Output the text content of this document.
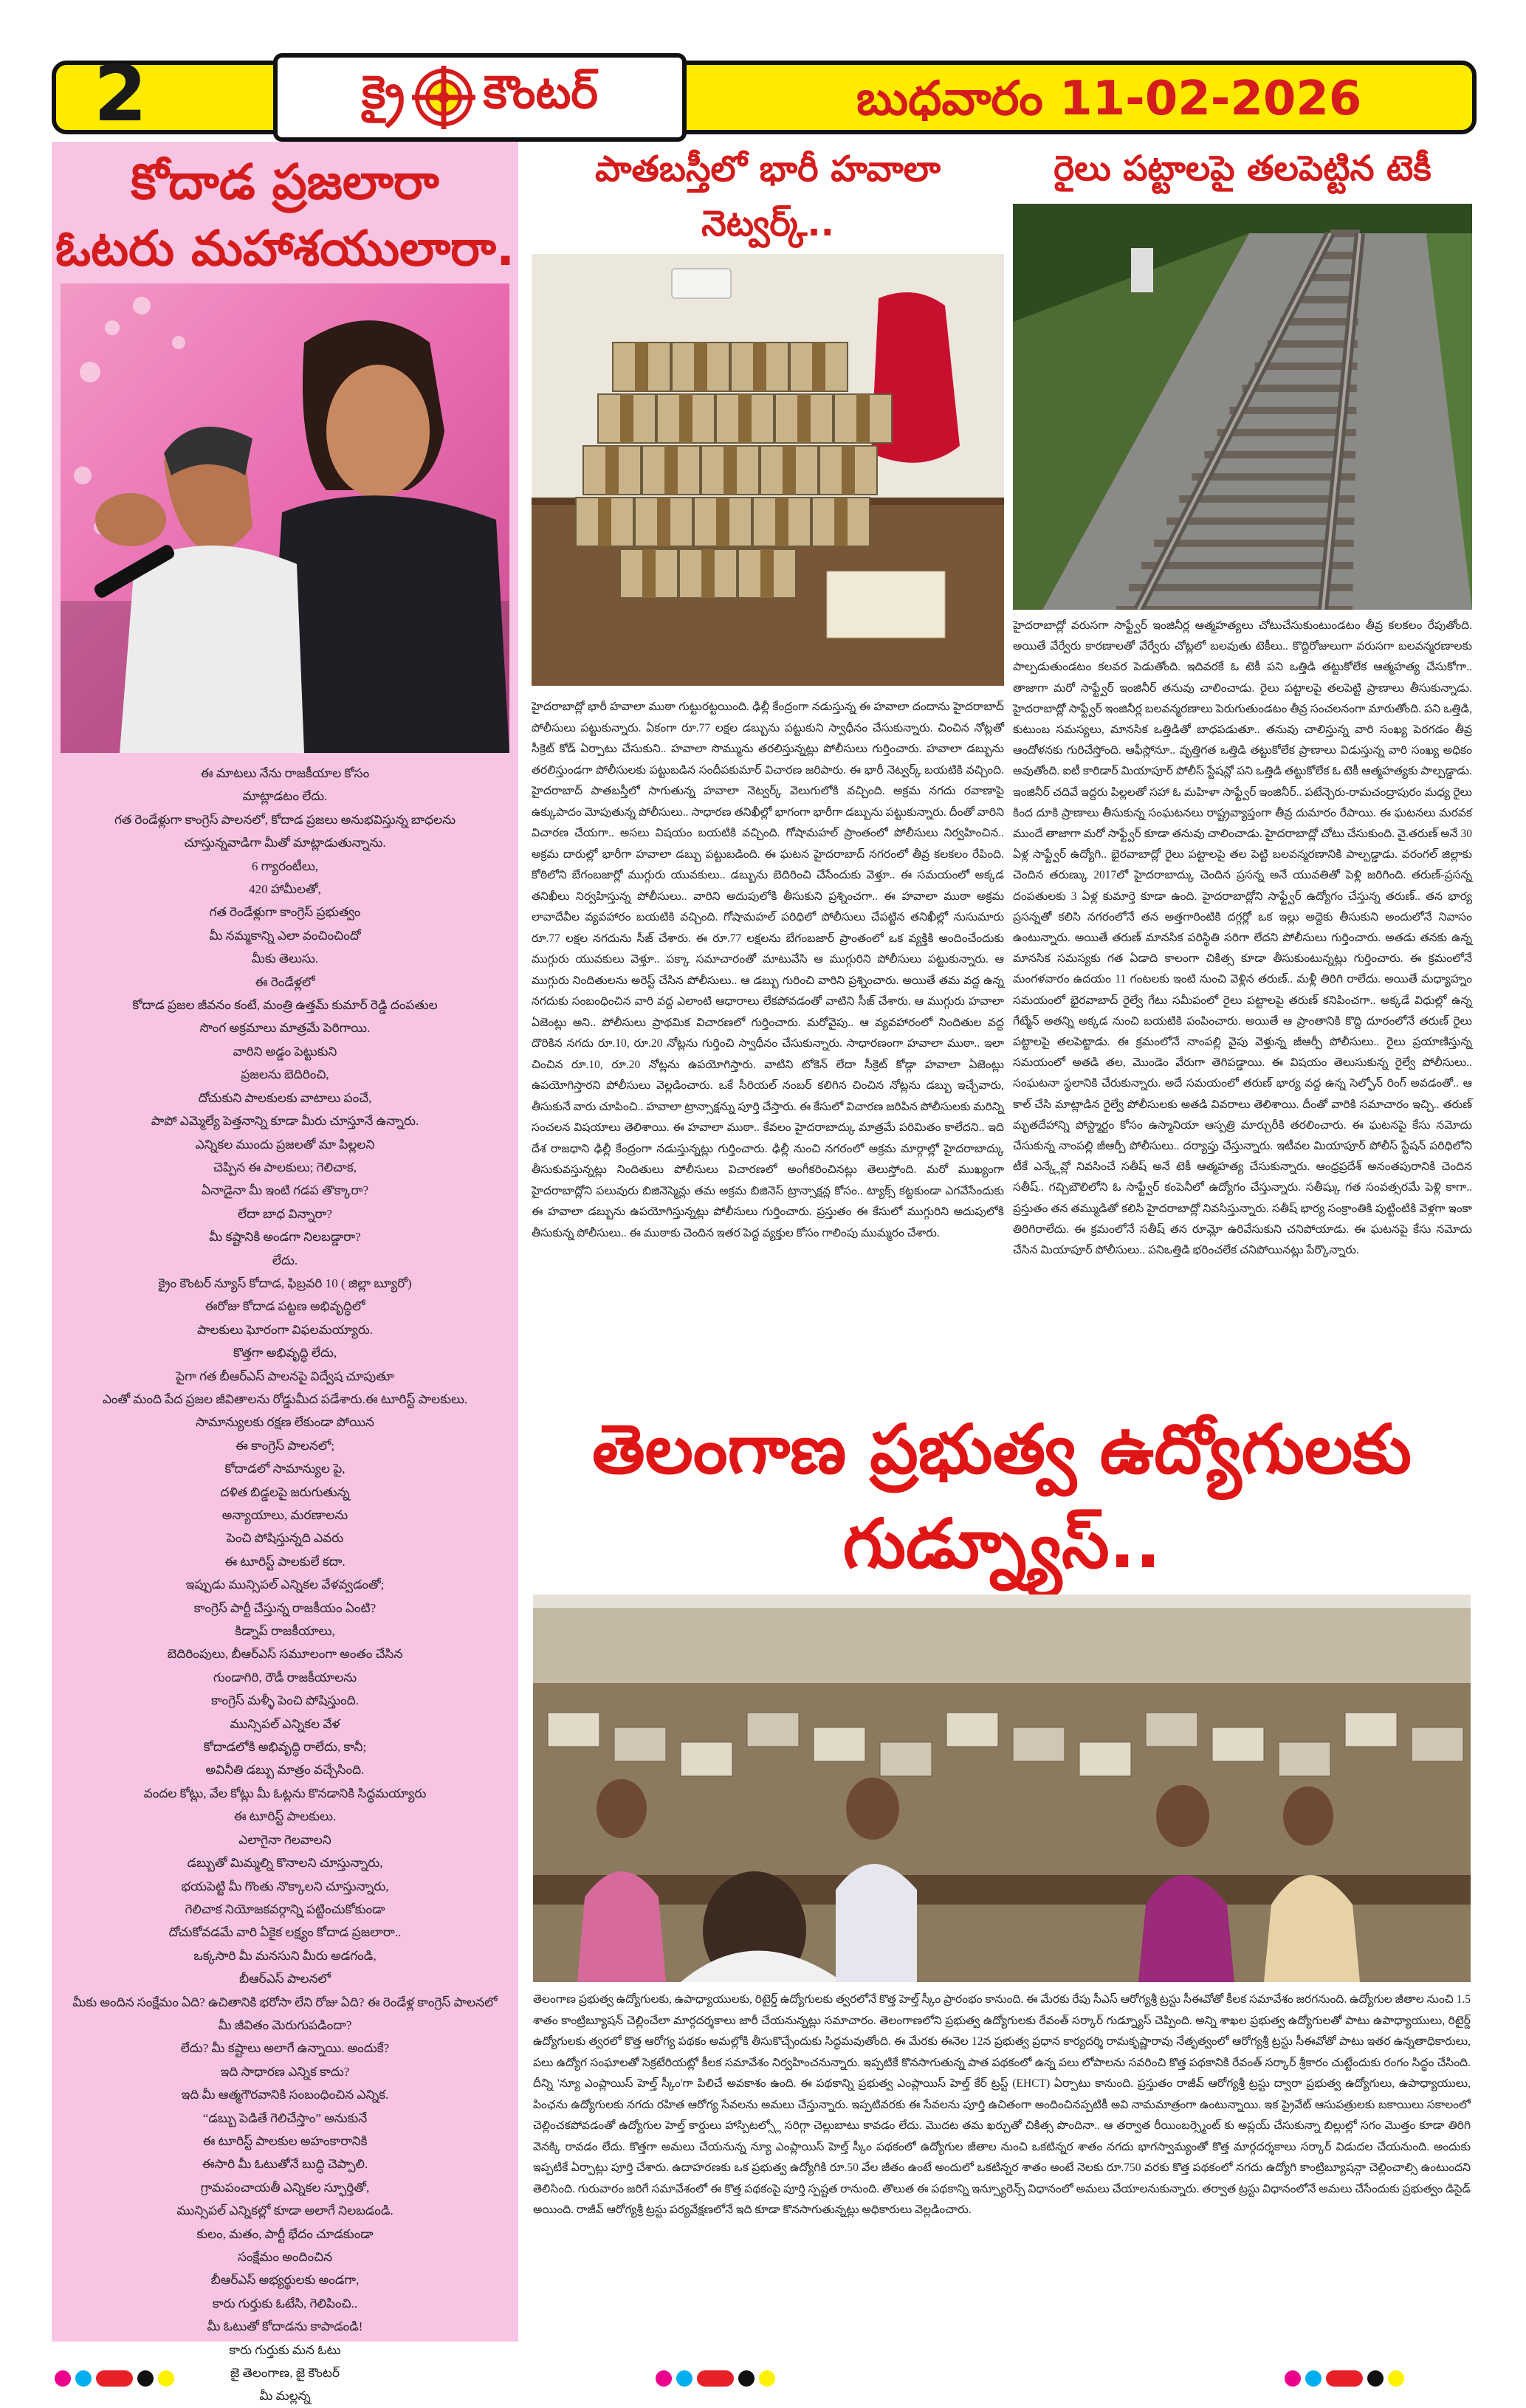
2	క్రై కౌంటర్	బుధవారం 11-02-2026
కోదాడ ప్రజలారా
ఓటరు మహాశయులారా.

ఈ మాటలు నేను రాజకీయాల కోసం

మాట్లాడటం లేదు.

గత రెండేళ్లుగా కాంగ్రెస్ పాలనలో, కోదాడ ప్రజలు అనుభవిస్తున్న బాధలను

చూస్తున్నవాడిగా మీతో మాట్లాడుతున్నాను.

6 గ్యారంటీలు,

420 హామీలతో,

గత రెండేళ్లుగా కాంగ్రెస్ ప్రభుత్వం

మీ నమ్మకాన్ని ఎలా వంచించిందో

మీకు తెలుసు.

ఈ రెండేళ్లలో

కోదాడ ప్రజల జీవనం కంటే, మంత్రి ఉత్తమ్ కుమార్ రెడ్డి దంపతుల

సొంగ అక్రమాలు మాత్రమే పెరిగాయి.

వారిని అడ్డం పెట్టుకుని

ప్రజలను బెదిరించి,

దోచుకుని పాలకులకు వాటాలు పంచే,

పాపో ఎమ్మెల్యే పెత్తనాన్ని కూడా మీరు చూస్తూనే ఉన్నారు.

ఎన్నికల ముందు ప్రజలతో మా పిల్లలని

చెప్పిన ఈ పాలకులు; గెలిచాక,

ఏనాడైనా మీ ఇంటి గడప తొక్కారా?

లేదా బాధ విన్నారా?

మీ కష్టానికి అండగా నిలబడ్డారా?

లేదు.

క్రైం కౌంటర్ న్యూస్ కోదాడ, ఫిబ్రవరి 10 ( జిల్లా బ్యూరో)

ఈరోజు కోదాడ పట్టణ అభివృద్ధిలో

పాలకులు ఘోరంగా విఫలమయ్యారు.

కొత్తగా అభివృద్ధి లేదు,

పైగా గత బీఆర్ఎస్ పాలనపై విద్వేష చూపుతూ

ఎంతో మంది పేద ప్రజల జీవితాలను రోడ్డుమీద పడేశారు.ఈ టూరిస్ట్ పాలకులు.

సామాన్యులకు రక్షణ లేకుండా పోయిన

ఈ కాంగ్రెస్ పాలనలో;

కోదాడలో సామాన్యుల పై,

దళిత బిడ్డలపై జరుగుతున్న

అన్యాయాలు, మరణాలను

పెంచి పోషిస్తున్నది ఎవరు

ఈ టూరిస్ట్ పాలకులే కదా.

ఇప్పుడు మున్సిపల్ ఎన్నికల వేళవ్వడంతో;

కాంగ్రెస్ పార్టీ చేస్తున్న రాజకీయం ఏంటి?

కిడ్నాప్ రాజకీయాలు,

బెదిరింపులు, బీఆర్ఎస్ సమూలంగా అంతం చేసిన

గుండాగిరి, రౌడీ రాజకీయాలను

కాంగ్రెస్ మళ్ళీ పెంచి పోషిస్తుంది.

మున్సిపల్ ఎన్నికల వేళ

కోదాడలోకి అభివృద్ధి రాలేదు, కానీ;

అవినీతి డబ్బు మాత్రం వచ్చేసింది.

వందల కోట్లు, వేల కోట్లు మీ ఓట్లను కొనడానికి సిద్ధమయ్యారు

ఈ టూరిస్ట్ పాలకులు.

ఎలాగైనా గెలవాలని

డబ్బుతో మిమ్మల్ని కొనాలని చూస్తున్నారు,

భయపెట్టి మీ గొంతు నొక్కాలని చూస్తున్నారు,

గెలిచాక నియోజకవర్గాన్ని పట్టించుకోకుండా

దోచుకోవడమే వారి ఏకైక లక్ష్యం కోదాడ ప్రజలారా..

ఒక్కసారి మీ మనసుని మీరు అడగండి,

బీఆర్ఎస్ పాలనలో

మీకు అందిన సంక్షేమం ఏది? ఉచితానికి భరోసా లేని రోజు ఏది? ఈ రెండేళ్ల కాంగ్రెస్ పాలనలో

మీ జీవితం మెరుగుపడిందా?

లేదు? మీ కష్టాలు అలాగే ఉన్నాయి. అందుకే?

ఇది సాధారణ ఎన్నిక కాదు?

ఇది మీ ఆత్మగౌరవానికి సంబంధించిన ఎన్నిక.

“డబ్బు పెడితే గెలిచేస్తాం” అనుకునే

ఈ టూరిస్ట్ పాలకుల అహంకారానికి

ఈసారి మీ ఓటుతోనే బుద్ధి చెప్పాలి.

గ్రామపంచాయతీ ఎన్నికల స్ఫూర్తితో,

మున్సిపల్ ఎన్నికల్లో కూడా అలాగే నిలబడండి.

కులం, మతం, పార్టీ భేదం చూడకుండా

సంక్షేమం అందించిన

బీఆర్ఎస్ అభ్యర్థులకు అండగా,

కారు గుర్తుకు ఓటేసి, గెలిపించి..

మీ ఓటుతో కోదాడను కాపాడండి!

కారు గుర్తుకు మన ఓటు

జై తెలంగాణ, జై కౌంటర్

మీ మల్లన్న

పాతబస్తీలో భారీ హవాలా
నెట్వర్క్..
హైదరాబాద్లో భారీ హవాలా ముఠా గుట్టురట్టయింది. ఢిల్లీ కేంద్రంగా నడుస్తున్న ఈ హవాలా దందాను హైదరాబాద్ పోలీసులు పట్టుకున్నారు. ఏకంగా రూ.77 లక్షల డబ్బును పట్టుకుని స్వాధీనం చేసుకున్నారు. చించిన నోట్లతో సీక్రెట్ కోడ్ ఏర్పాటు చేసుకుని.. హవాలా సొమ్మును తరలిస్తున్నట్లు పోలీసులు గుర్తించారు. హవాలా డబ్బును తరలిస్తుండగా పోలీసులకు పట్టుబడిన సందీపకుమార్ విచారణ జరిపారు. ఈ భారీ నెట్వర్క్ బయటికి వచ్చింది. హైదరాబాద్ పాతబస్తీలో సాగుతున్న హవాలా నెట్వర్క్ వెలుగులోకి వచ్చింది. అక్రమ నగదు రవాణాపై ఉక్కుపాదం మోపుతున్న పోలీసులు.. సాధారణ తనిఖీల్లో భాగంగా భారీగా డబ్బును పట్టుకున్నారు. దీంతో వారిని విచారణ చేయగా.. అసలు విషయం బయటికి వచ్చింది. గోషామహల్ ప్రాంతంలో పోలీసులు నిర్వహించిన.. అక్రమ దారుల్లో భారీగా హవాలా డబ్బు పట్టుబడింది. ఈ ఘటన హైదరాబాద్ నగరంలో తీవ్ర కలకలం రేపింది. కోఠిలోని బేగంబజార్లో ముగ్గురు యువకులు.. డబ్బును బెదిరించి చేసేందుకు వెళ్తూ.. ఈ సమయంలో అక్కడ తనిఖీలు నిర్వహిస్తున్న పోలీసులు.. వారిని అదుపులోకి తీసుకుని ప్రశ్నించగా.. ఈ హవాలా ముఠా అక్రమ లావాదేవీల వ్యవహారం బయటికి వచ్చింది. గోషామహల్ పరిధిలో పోలీసులు చేపట్టిన తనిఖీల్లో నుసుమారు రూ.77 లక్షల నగదును సీజ్ చేశారు. ఈ రూ.77 లక్షలను బేగంబజార్ ప్రాంతంలో ఒక వ్యక్తికి అందించేందుకు ముగ్గురు యువకులు వెళ్తూ.. పక్కా సమాచారంతో మాటువేసి ఆ ముగ్గురిని పోలీసులు పట్టుకున్నారు. ఆ ముగ్గురు నిందితులను అరెస్ట్ చేసిన పోలీసులు.. ఆ డబ్బు గురించి వారిని ప్రశ్నించారు. అయితే తమ వద్ద ఉన్న నగదుకు సంబంధించిన వారి వద్ద ఎలాంటి ఆధారాలు లేకపోవడంతో వాటిని సీజ్ చేశారు. ఆ ముగ్గురు హవాలా ఏజెంట్లు అని.. పోలీసులు ప్రాథమిక విచారణలో గుర్తించారు. మరోవైపు.. ఆ వ్యవహారంలో నిందితుల వద్ద దొరికిన నగదు రూ.10, రూ.20 నోట్లను గుర్తించి స్వాధీనం చేసుకున్నారు. సాధారణంగా హవాలా ముఠా.. ఇలా చించిన రూ.10, రూ.20 నోట్లను ఉపయోగిస్తారు. వాటిని టోకెన్ లేదా సీక్రెట్ కోడ్గా హవాలా ఏజెంట్లు ఉపయోగిస్తారని పోలీసులు వెల్లడించారు. ఒకే సీరియల్ నంబర్ కలిగిన చించిన నోట్లను డబ్బు ఇచ్చేవారు, తీసుకునే వారు చూపించి.. హవాలా ట్రాన్సాక్షన్ను పూర్తి చేస్తారు. ఈ కేసులో విచారణ జరిపిన పోలీసులకు మరిన్ని సంచలన విషయాలు తెలిశాయి. ఈ హవాలా ముఠా.. కేవలం హైదరాబాద్కు మాత్రమే పరిమితం కాలేదని.. ఇది దేశ రాజధాని ఢిల్లీ కేంద్రంగా నడుస్తున్నట్లు గుర్తించారు. ఢిల్లీ నుంచి నగరంలో అక్రమ మార్గాల్లో హైదరాబాద్కు తీసుకువస్తున్నట్లు నిందితులు పోలీసులు విచారణలో అంగీకరించినట్లు తెలుస్తోంది. మరో ముఖ్యంగా హైదరాబాద్లోని పలువురు బిజినెస్మెన్లు తమ అక్రమ బిజినెస్ ట్రాన్సాక్షన్ల కోసం.. ట్యాక్స్ కట్టకుండా ఎగవేసేందుకు ఈ హవాలా డబ్బును ఉపయోగిస్తున్నట్లు పోలీసులు గుర్తించారు. ప్రస్తుతం ఈ కేసులో ముగ్గురిని అదుపులోకి తీసుకున్న పోలీసులు.. ఈ ముఠాకు చెందిన ఇతర పెద్ద వ్యక్తుల కోసం గాలింపు ముమ్మరం చేశారు.
రైలు పట్టాలపై తలపెట్టిన టెకీ
హైదరాబాద్లో వరుసగా సాఫ్ట్వేర్ ఇంజినీర్ల ఆత్మహత్యలు చోటుచేసుకుంటుండటం తీవ్ర కలకలం రేపుతోంది. అయితే వేర్వేరు కారణాలతో వేర్వేరు చోట్లలో బలవుతు టెకీలు.. కొద్దిరోజులుగా వరుసగా బలవన్మరణాలకు పాల్పడుతుండటం కలవర పెడుతోంది. ఇదివరకే ఓ టెకీ పని ఒత్తిడి తట్టుకోలేక ఆత్మహత్య చేసుకోగా.. తాజాగా మరో సాఫ్ట్వేర్ ఇంజినీర్ తనువు చాలించాడు. రైలు పట్టాలపై తలపెట్టి ప్రాణాలు తీసుకున్నాడు. హైదరాబాద్లో సాఫ్ట్వేర్ ఇంజినీర్ల బలవన్మరణాలు పెరుగుతుండటం తీవ్ర సంచలనంగా మారుతోంది. పని ఒత్తిడి, కుటుంబ సమస్యలు, మానసిక ఒత్తిడితో బాధపడుతూ.. తనువు చాలిస్తున్న వారి సంఖ్య పెరగడం తీవ్ర ఆందోళనకు గురిచేస్తోంది. ఆఫీస్లోనూ.. వృత్తిగత ఒత్తిడి తట్టుకోలేక ప్రాణాలు విడుస్తున్న వారి సంఖ్య అధికం అవుతోంది. ఐటీ కారిడార్ మియాపూర్ పోలీస్ స్టేషన్లో పని ఒత్తిడి తట్టుకోలేక ఓ టెకీ ఆత్మహత్యకు పాల్పడ్డాడు. ఇంజినీర్ చదివే ఇద్దరు పిల్లలతో సహా ఓ మహిళా సాఫ్ట్వేర్ ఇంజినీర్.. పటేన్చెరు-రామచంద్రాపురం మధ్య రైలు కింద దూకి ప్రాణాలు తీసుకున్న సంఘటనలు రాష్ట్రవ్యాప్తంగా తీవ్ర దుమారం రేపాయి. ఈ ఘటనలు మరవక ముందే తాజాగా మరో సాఫ్ట్వేర్ కూడా తనువు చాలించాడు. హైదరాబాద్లో చోటు చేసుకుంది. వై.తరుణ్ అనే 30 ఏళ్ల సాఫ్ట్వేర్ ఉద్యోగి.. భైరవాబాద్లో రైలు పట్టాలపై తల పెట్టి బలవన్మరణానికి పాల్పడ్డాడు. వరంగల్ జిల్లాకు చెందిన తరుణ్కు 2017లో హైదరాబాద్కు చెందిన ప్రసన్న అనే యువతితో పెళ్లి జరిగింది. తరుణ్-ప్రసన్న దంపతులకు 3 ఏళ్ల కుమార్తె కూడా ఉంది. హైదరాబాద్లోని సాఫ్ట్వేర్ ఉద్యోగం చేస్తున్న తరుణ్.. తన భార్య ప్రసన్నతో కలిసి నగరంలోనే తన అత్తగారింటికి దగ్గర్లో ఒక ఇల్లు అద్దెకు తీసుకుని అందులోనే నివాసం ఉంటున్నారు. అయితే తరుణ్ మానసిక పరిస్థితి సరిగా లేదని పోలీసులు గుర్తించారు. అతడు తనకు ఉన్న మానసిక సమస్యకు గత ఏడాది కాలంగా చికిత్స కూడా తీసుకుంటున్నట్లు గుర్తించారు. ఈ క్రమంలోనే మంగళవారం ఉదయం 11 గంటలకు ఇంటి నుంచి వెళ్లిన తరుణ్.. మళ్లీ తిరిగి రాలేదు. అయితే మధ్యాహ్నం సమయంలో భైరవాబాద్ రైల్వే గేటు సమీపంలో రైలు పట్టాలపై తరుణ్ కనిపించగా.. అక్కడే విధుల్లో ఉన్న గేట్మేన్ అతన్ని అక్కడ నుంచి బయటికి పంపించారు. అయితే ఆ ప్రాంతానికి కొద్ది దూరంలోనే తరుణ్ రైలు పట్టాలపై తలపెట్టాడు. ఈ క్రమంలోనే నాంపల్లి వైపు వెళ్తున్న జీఆర్పీ పోలీసులు.. రైలు ప్రయాణిస్తున్న సమయంలో అతడి తల, మొండెం వేరుగా తెగిపడ్డాయి. ఈ విషయం తెలుసుకున్న రైల్వే పోలీసులు.. సంఘటనా స్థలానికి చేరుకున్నారు. అదే సమయంలో తరుణ్ భార్య వద్ద ఉన్న సెల్ఫోన్ రింగ్ అవడంతో.. ఆ కాల్ చేసి మాట్లాడిన రైల్వే పోలీసులకు అతడి వివరాలు తెలిశాయి. దీంతో వారికి సమాచారం ఇచ్చి.. తరుణ్ మృతదేహాన్ని పోస్ట్మార్టం కోసం ఉస్మానియా ఆస్పత్రి మార్చురీకి తరలించారు. ఈ ఘటనపై కేసు నమోదు చేసుకున్న నాంపల్లి జీఆర్పీ పోలీసులు.. దర్యాప్తు చేస్తున్నారు. ఇటీవల మియాపూర్ పోలీస్ స్టేషన్ పరిధిలోని టీకే ఎన్క్లేవ్లో నివసించే సతీష్ అనే టెకీ ఆత్మహత్య చేసుకున్నారు. ఆంధ్రప్రదేశ్ అనంతపురానికి చెందిన సతీష్.. గచ్చిబౌలిలోని ఓ సాఫ్ట్వేర్ కంపెనీలో ఉద్యోగం చేస్తున్నారు. సతీష్కు గత సంవత్సరమే పెళ్లి కాగా.. ప్రస్తుతం తన తమ్ముడితో కలిసి హైదరాబాద్లో నివసిస్తున్నారు. సతీష్ భార్య సంక్రాంతికి పుట్టింటికి వెళ్లగా ఇంకా తిరిగిరాలేదు. ఈ క్రమంలోనే సతీష్ తన రూమ్లో ఉరివేసుకుని చనిపోయాడు. ఈ ఘటనపై కేసు నమోదు చేసిన మియాపూర్ పోలీసులు.. పనిఒత్తిడి భరించలేక చనిపోయినట్లు పేర్కొన్నారు.
తెలంగాణ ప్రభుత్వ ఉద్యోగులకు
గుడ్న్యూస్..
తెలంగాణ ప్రభుత్వ ఉద్యోగులకు, ఉపాధ్యాయులకు, రిటైర్డ్ ఉద్యోగులకు త్వరలోనే కొత్త హెల్త్ స్కీం ప్రారంభం కానుంది. ఈ మేరకు రేపు సీఎస్ ఆరోగ్యశ్రీ ట్రస్టు సీఈవోతో కీలక సమావేశం జరగనుంది. ఉద్యోగుల జీతాల నుంచి 1.5 శాతం కాంట్రిబ్యూషన్ చెల్లించేలా మార్గదర్శకాలు జారీ చేయనున్నట్లు సమాచారం. తెలంగాణలోని ప్రభుత్వ ఉద్యోగులకు రేవంత్ సర్కార్ గుడ్న్యూస్ చెప్పింది. అన్ని శాఖల ప్రభుత్వ ఉద్యోగులతో పాటు ఉపాధ్యాయులు, రిటైర్డ్ ఉద్యోగులకు త్వరలో కొత్త ఆరోగ్య పథకం అమల్లోకి తీసుకొచ్చేందుకు సిద్ధమవుతోంది. ఈ మేరకు ఈనెల 12న ప్రభుత్వ ప్రధాన కార్యదర్శి రామకృష్ణారావు నేతృత్వంలో ఆరోగ్యశ్రీ ట్రస్టు సీఈవోతో పాటు ఇతర ఉన్నతాధికారులు, పలు ఉద్యోగ సంఘాలతో సెక్రటేరియట్లో కీలక సమావేశం నిర్వహించనున్నారు. ఇప్పటికే కొనసాగుతున్న పాత పథకంలో ఉన్న పలు లోపాలను సవరించి కొత్త పథకానికి రేవంత్ సర్కార్ శ్రీకారం చుట్టేందుకు రంగం సిద్ధం చేసింది. దీన్ని 'న్యూ ఎంప్లాయిస్ హెల్త్ స్కీం'గా పిలిచే అవకాశం ఉంది. ఈ పథకాన్ని ప్రభుత్వ ఎంప్లాయిస్ హెల్త్ కేర్ ట్రస్ట్ (EHCT) ఏర్పాటు కానుంది. ప్రస్తుతం రాజీవ్ ఆరోగ్యశ్రీ ట్రస్టు ద్వారా ప్రభుత్వ ఉద్యోగులు, ఉపాధ్యాయులు, పింఛను ఉద్యోగులకు నగదు రహిత ఆరోగ్య సేవలను అమలు చేస్తున్నారు. ఇప్పటివరకు ఈ సేవలను పూర్తి ఉచితంగా అందించినప్పటికీ అవి నామమాత్రంగా ఉంటున్నాయి. ఇక ప్రైవేట్ ఆసుపత్రులకు బకాయిలు సకాలంలో చెల్లించకపోవడంతో ఉద్యోగుల హెల్త్ కార్డులు హాస్పిటల్స్లో సరిగ్గా చెల్లుబాటు కావడం లేదు. మొదట తమ ఖర్చుతో చికిత్స పొందినా.. ఆ తర్వాత రీయింబర్స్మెంట్ కు అప్లయ్ చేసుకున్నా బిల్లుల్లో సగం మొత్తం కూడా తిరిగి వెనక్కి రావడం లేదు. కొత్తగా అమలు చేయనున్న న్యూ ఎంప్లాయిస్ హెల్త్ స్కీం పథకంలో ఉద్యోగుల జీతాల నుంచి ఒకటిన్నర శాతం నగదు భాగస్వామ్యంతో కొత్త మార్గదర్శకాలు సర్కార్ విడుదల చేయనుంది. అందుకు ఇప్పటికే ఏర్పాట్లు పూర్తి చేశారు. ఉదాహరణకు ఒక ప్రభుత్వ ఉద్యోగికి రూ.50 వేల జీతం ఉంటే అందులో ఒకటిన్నర శాతం అంటే నెలకు రూ.750 వరకు కొత్త పథకంలో నగదు ఉద్యోగి కాంట్రిబ్యూషన్గా చెల్లించాల్సి ఉంటుందని తెలిసింది. గురువారం జరిగే సమావేశంలో ఈ కొత్త పథకంపై పూర్తి స్పష్టత రానుంది. తొలుత ఈ పథకాన్ని ఇన్స్యూరెన్స్ విధానంలో అమలు చేయాలనుకున్నారు. తర్వాత ట్రస్టు విధానంలోనే అమలు చేసేందుకు ప్రభుత్వం డిసైడ్ అయింది. రాజీవ్ ఆరోగ్యశ్రీ ట్రస్టు పర్యవేక్షణలోనే ఇది కూడా కొనసాగుతున్నట్లు అధికారులు వెల్లడించారు.
